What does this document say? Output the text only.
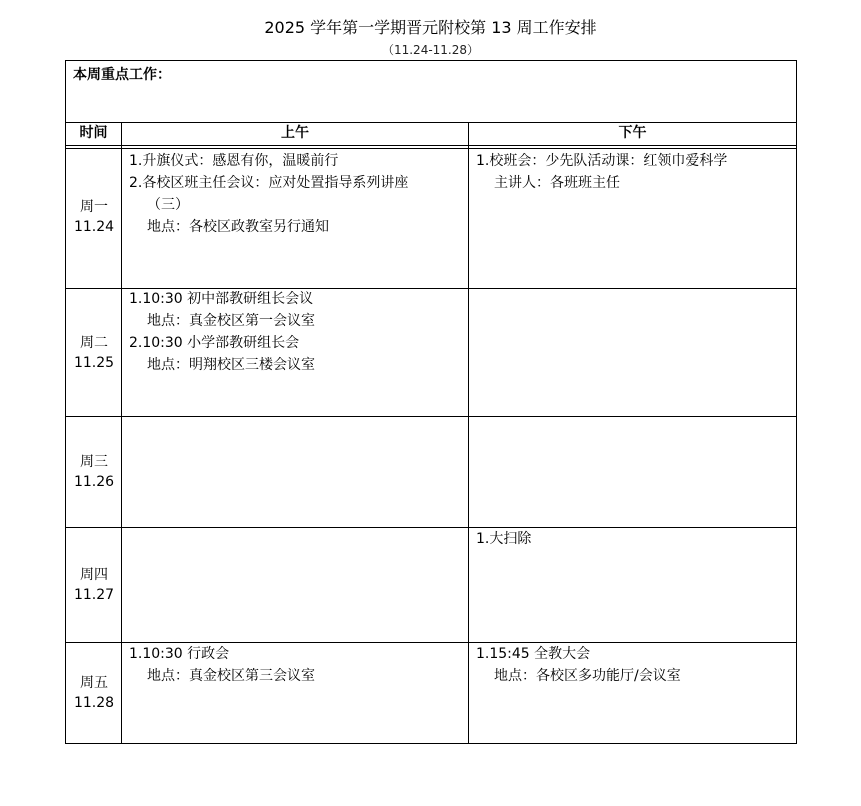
2025 学年第一学期晋元附校第 13 周工作安排
（11.24-11.28）
本周重点工作：
时间	上午	下午
周一
11.24
1.升旗仪式：感恩有你，温暖前行
2.各校区班主任会议：应对处置指导系列讲座
（三）
地点：各校区政教室另行通知
1.校班会：少先队活动课：红领巾爱科学
主讲人：各班班主任
周二
11.25
1.10:30 初中部教研组长会议
地点：真金校区第一会议室
2.10:30 小学部教研组长会
地点：明翔校区三楼会议室
周三
11.26
周四
11.27
1.大扫除
周五
11.28
1.10:30 行政会
地点：真金校区第三会议室
1.15:45 全教大会
地点：各校区多功能厅/会议室
